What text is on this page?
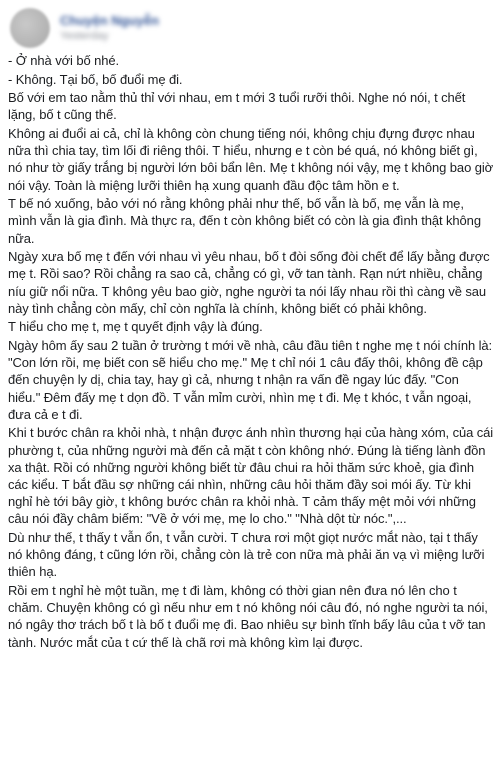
Chuyện Nguyễn
Yesterday

- Ở nhà với bố nhé.

- Không. Tại bố, bố đuổi mẹ đi.

Bố với em tao nằm thủ thỉ với nhau, em t mới 3 tuổi rưỡi thôi. Nghe nó nói, t chết lặng, bố t cũng thế.

Không ai đuổi ai cả, chỉ là không còn chung tiếng nói, không chịu đựng được nhau nữa thì chia tay, tìm lối đi riêng thôi. T hiểu, nhưng e t còn bé quá, nó không biết gì, nó như tờ giấy trắng bị người lớn bôi bẩn lên. Mẹ t không nói vậy, mẹ t không bao giờ nói vậy. Toàn là miệng lưỡi thiên hạ xung quanh đầu độc tâm hồn e t.

T bế nó xuống, bảo với nó rằng không phải như thế, bố vẫn là bố, mẹ vẫn là mẹ, mình vẫn là gia đình. Mà thực ra, đến t còn không biết có còn là gia đình thật không nữa.

Ngày xưa bố mẹ t đến với nhau vì yêu nhau, bố t đòi sống đòi chết để lấy bằng được mẹ t. Rồi sao? Rồi chẳng ra sao cả, chẳng có gì, vỡ tan tành. Rạn nứt nhiều, chẳng níu giữ nổi nữa. T không yêu bao giờ, nghe người ta nói lấy nhau rồi thì càng về sau này tình chẳng còn mấy, chỉ còn nghĩa là chính, không biết có phải không.

T hiểu cho mẹ t, mẹ t quyết định vậy là đúng.

Ngày hôm ấy sau 2 tuần ở trường t mới về nhà, câu đầu tiên t nghe mẹ t nói chính là: "Con lớn rồi, mẹ biết con sẽ hiểu cho mẹ." Mẹ t chỉ nói 1 câu đấy thôi, không đề cập đến chuyện ly dị, chia tay, hay gì cả, nhưng t nhận ra vấn đề ngay lúc đấy. "Con hiểu." Đêm đấy mẹ t dọn đồ. T vẫn mỉm cười, nhìn mẹ t đi. Mẹ t khóc, t vẫn ngoại, đưa cả e t đi.

Khi t bước chân ra khỏi nhà, t nhận được ánh nhìn thương hại của hàng xóm, của cái phường t, của những người mà đến cả mặt t còn không nhớ. Đúng là tiếng lành đồn xa thật. Rồi có những người không biết từ đâu chui ra hỏi thăm sức khoẻ, gia đình các kiểu. T bắt đầu sợ những cái nhìn, những câu hỏi thăm đầy soi mói ấy. Từ khi nghỉ hè tới bây giờ, t không bước chân ra khỏi nhà. T cảm thấy mệt mỏi với những câu nói đầy châm biếm: "Về ở với mẹ, mẹ lo cho." "Nhà dột từ nóc.",...

Dù như thế, t thấy t vẫn ổn, t vẫn cười. T chưa rơi một giọt nước mắt nào, tại t thấy nó không đáng, t cũng lớn rồi, chẳng còn là trẻ con nữa mà phải ăn vạ vì miệng lưỡi thiên hạ.

Rồi em t nghỉ hè một tuần, mẹ t đi làm, không có thời gian nên đưa nó lên cho t chăm. Chuyện không có gì nếu như em t nó không nói câu đó, nó nghe người ta nói, nó ngây thơ trách bố t là bố t đuổi mẹ đi. Bao nhiêu sự bình tĩnh bấy lâu của t vỡ tan tành. Nước mắt của t cứ thế là chã rơi mà không kìm lại được.
